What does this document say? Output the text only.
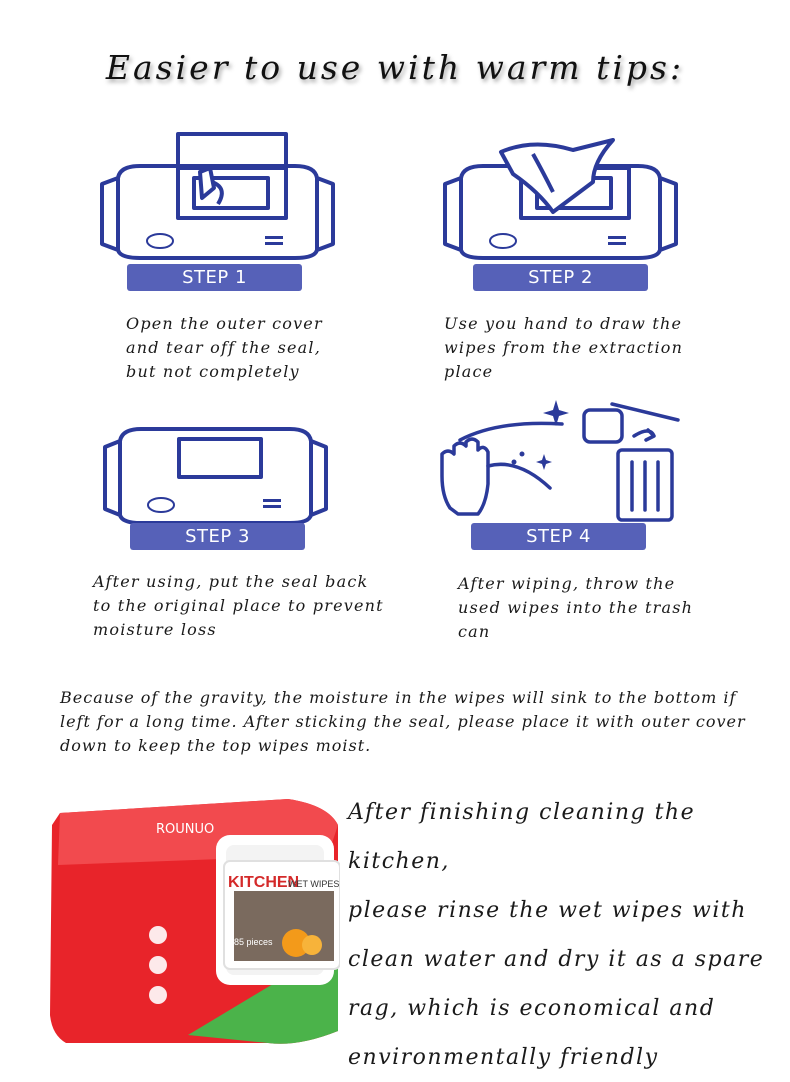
Easier to use with warm tips:
STEP 1
Open the outer cover
and tear off the seal,
but not completely
STEP 2
Use you hand to draw the
wipes from the extraction
place
STEP 3
After using, put the seal back
to the original place to prevent
moisture loss
STEP 4
After wiping, throw the
used wipes into the trash
can
Because of the gravity, the moisture in the wipes will sink to the bottom if left for a long time. After sticking the seal, please place it with outer cover down to keep the top wipes moist.
ROUNUO
KITCHEN
WET WIPES
85 pieces
After finishing cleaning the kitchen,
please rinse the wet wipes with
clean water and dry it as a spare
rag, which is economical and
environmentally friendly
